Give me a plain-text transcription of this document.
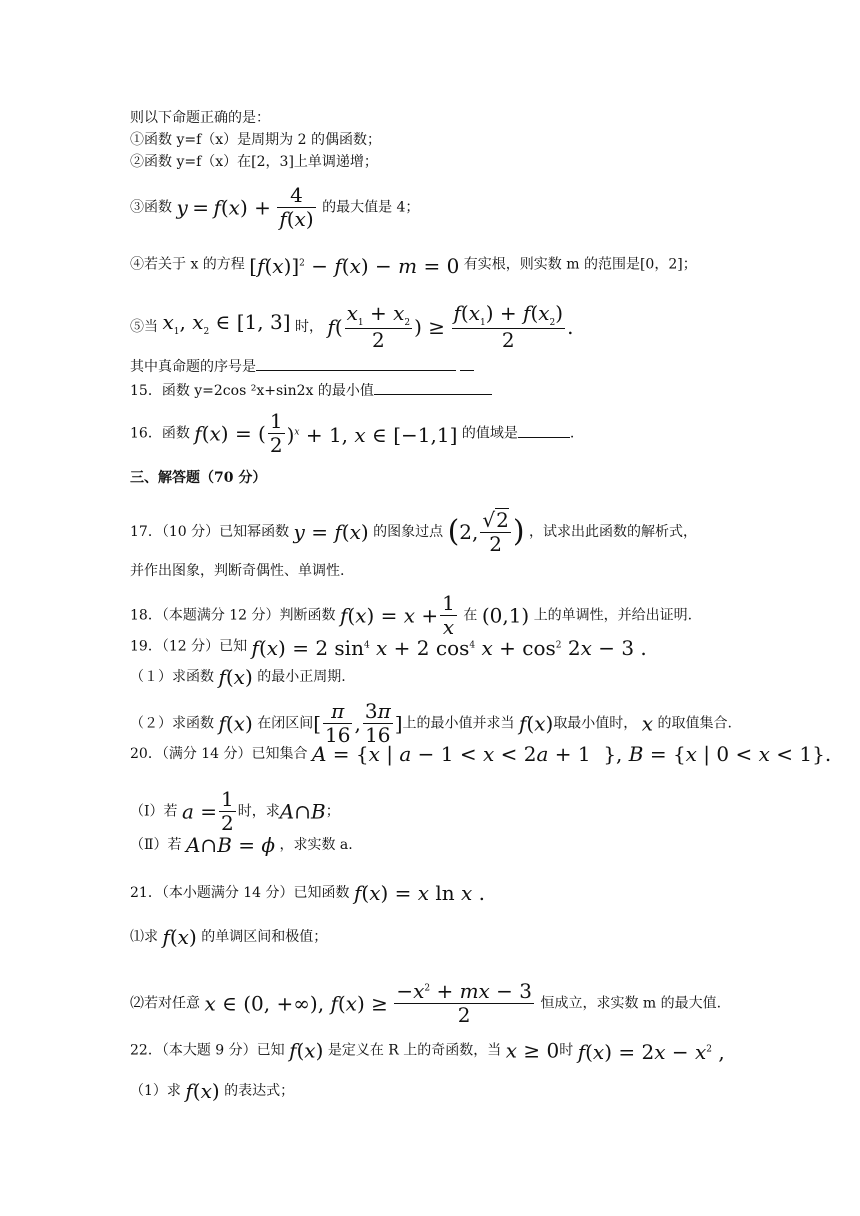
则以下命题正确的是：
①函数 y=f（x）是周期为 2 的偶函数；
②函数 y=f（x）在[2，3]上单调递增；
③函数 $y = f(x) + \frac{4}{f(x)}$ 的最大值是 4；
④若关于 x 的方程 $[f(x)]^2 - f(x) - m = 0$ 有实根，则实数 m 的范围是[0，2]；
⑤当 $x_1$, $x_2$ ∈ [1, 3] 时， $f( \frac{x_1 + x_2}{2}$ ) ≥ $\frac{f(x_1) + f(x_2)}{2}$ .
其中真命题的序号是
15．函数 y=2cos ²x+sin2x 的最小值
16．函数 f(x) = ( $\frac{1}{2} )^x + 1$, x ∈ [−1,1] 的值域是	.
三、解答题（70 分）
17．（10 分）已知幂函数 y = f(x) 的图象过点 (2, $\frac{√2}{2}$ ) ，试求出此函数的解析式，
并作出图象，判断奇偶性、单调性.
18．（本题满分 12 分）判断函数 $f(x) = x + \frac{1}{x}$ 在 (0,1) 上的单调性，并给出证明.
19．（12 分）已知 f(x) = 2 $\sin^4 x + 2$ $\cos^4 x + \cos^2 2x - 3$ .
（１）求函数 f(x) 的最小正周期.
（２）求函数 f(x) 在闭区间[ $\frac{\pi}{16}$ , $\frac{3\pi}{16}$ ]上的最小值并求当 f(x)取最小值时， x 的取值集合.
20．（满分 14 分）已知集合 A = {x | a − 1 < x < 2a + 1  }, B = {x | 0 < x < 1}.
（Ⅰ）若 $a = \frac{1}{2}$ 时，求A∩B；
（Ⅱ）若 A∩B = ϕ ，求实数 a.
21．（本小题满分 14 分）已知函数 f(x) = x ln x .
⑴求 f(x) 的单调区间和极值；
⑵若对任意 x ∈ (0, +∞), $f(x) \ge \frac{-x^2 + mx - 3}{2}$ 恒成立，求实数 m 的最大值.
22．（本大题 9 分）已知 f(x) 是定义在 R 上的奇函数，当 x ≥ 0时 $f(x) = 2x - x^2$ ,
（1）求 f(x) 的表达式；
